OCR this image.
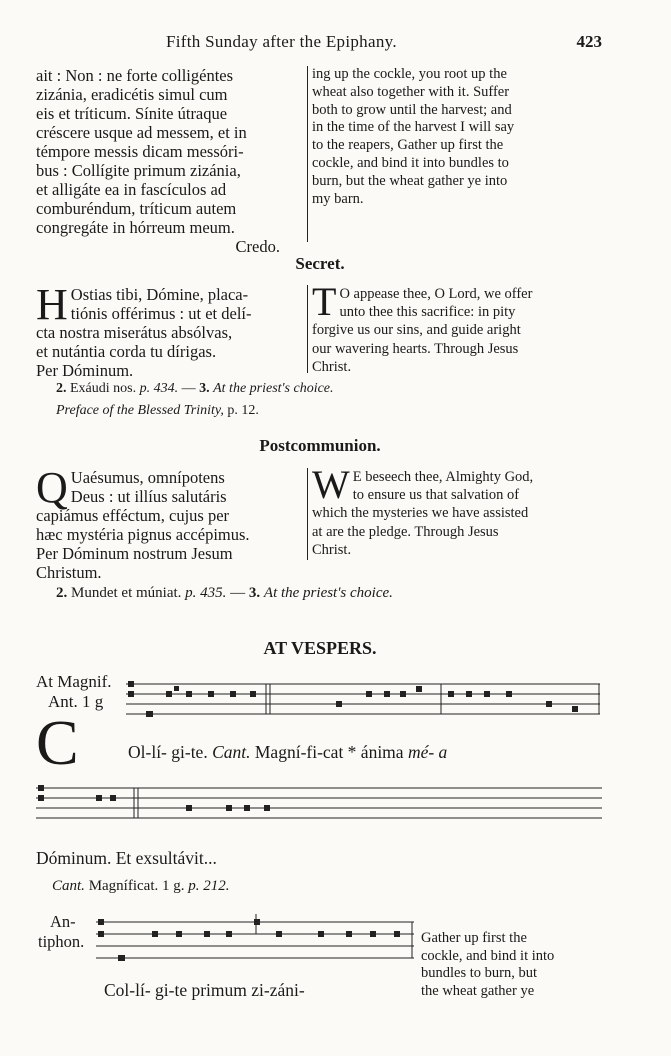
Fifth Sunday after the Epiphany.	423
ait : Non : ne forte colligéntes
zizánia, eradicétis simul cum
eis et tríticum. Sínite útraque
créscere usque ad messem, et in
témpore messis dicam messóri-
bus : Collígite primum zizánia,
et alligáte ea in fascículos ad
comburéndum, tríticum autem
congregáte in hórreum meum.
Credo.
ing up the cockle, you root up the
wheat also together with it. Suffer
both to grow until the harvest; and
in the time of the harvest I will say
to the reapers, Gather up first the
cockle, and bind it into bundles to
burn, but the wheat gather ye into
my barn.
Secret.
H Ostias tibi, Dómine, placa-
tiónis offérimus : ut et delí-
cta nostra miserátus absólvas,
et nutántia corda tu dírigas.
Per Dóminum.
T O appease thee, O Lord, we offer
unto thee this sacrifice: in pity
forgive us our sins, and guide aright
our wavering hearts. Through Jesus
Christ.
2. Exáudi nos. p. 434. — 3. At the priest's choice.
Preface of the Blessed Trinity, p. 12.
Postcommunion.
Q Uaésumus, omnípotens
Deus : ut illíus salutáris
capiámus efféctum, cujus per
hæc mystéria pignus accépimus.
Per Dóminum nostrum Jesum
Christum.
W E beseech thee, Almighty God,
to ensure us that salvation of
which the mysteries we have assisted
at are the pledge. Through Jesus
Christ.
2. Mundet et múniat. p. 435. — 3. At the priest's choice.
AT VESPERS.
At Magnif.
Ant. 1 g
C	Ol-lí- gi-te. Cant. Magní-fi-cat * ánima mé- a
Dóminum. Et exsultávit...
Cant. Magníficat. 1 g. p. 212.
An-
tiphon.
Col-lí- gi-te primum zi-záni-
Gather up first the
cockle, and bind it into
bundles to burn, but
the wheat gather ye
